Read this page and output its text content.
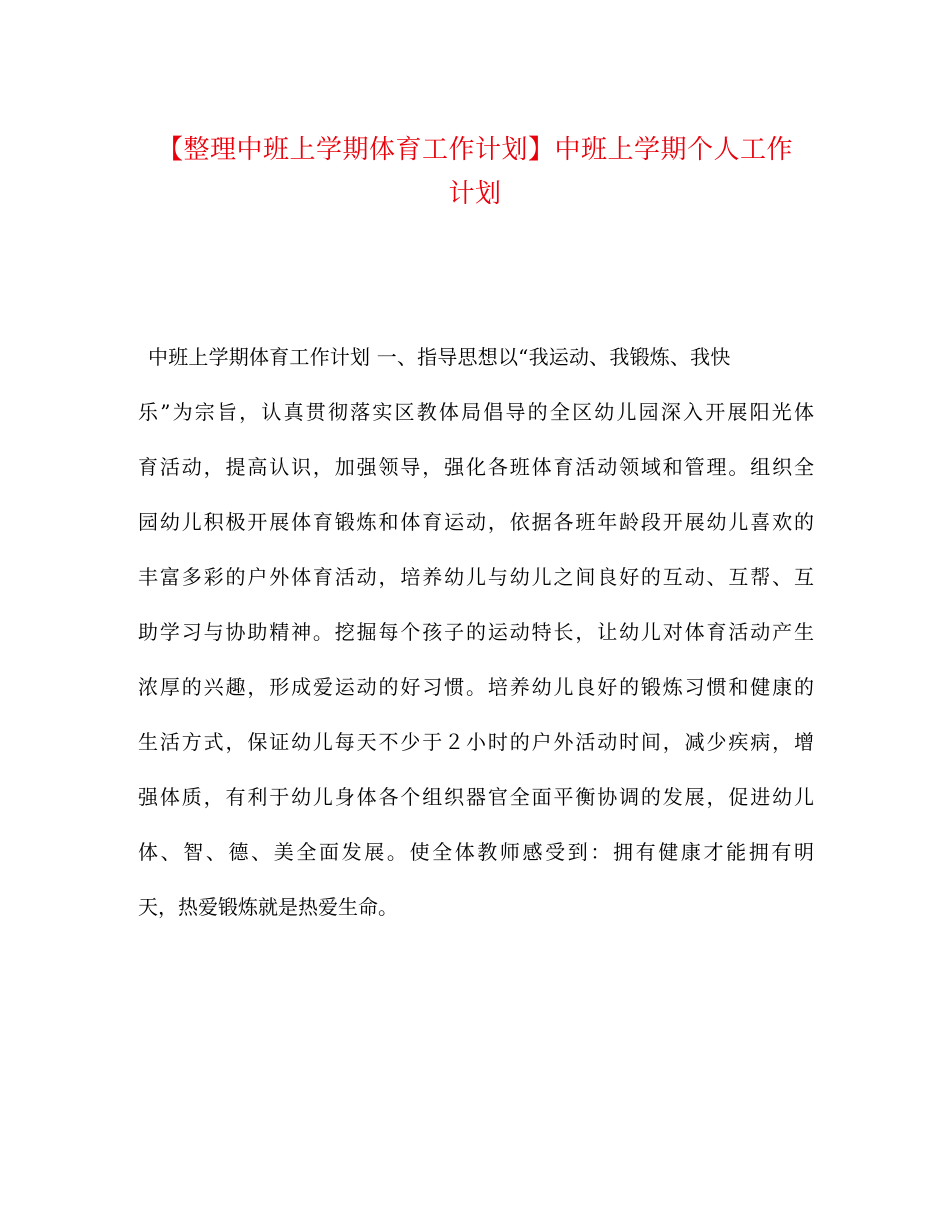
【整理中班上学期体育工作计划】中班上学期个人工作
计划
中班上学期体育工作计划 一、指导思想以“我运动、我锻炼、我快
乐”为宗旨，认真贯彻落实区教体局倡导的全区幼儿园深入开展阳光体
育活动，提高认识，加强领导，强化各班体育活动领域和管理。组织全
园幼儿积极开展体育锻炼和体育运动，依据各班年龄段开展幼儿喜欢的
丰富多彩的户外体育活动，培养幼儿与幼儿之间良好的互动、互帮、互
助学习与协助精神。挖掘每个孩子的运动特长，让幼儿对体育活动产生
浓厚的兴趣，形成爱运动的好习惯。培养幼儿良好的锻炼习惯和健康的
生活方式，保证幼儿每天不少于２小时的户外活动时间，减少疾病，增
强体质，有利于幼儿身体各个组织器官全面平衡协调的发展，促进幼儿
体、智、德、美全面发展。使全体教师感受到：拥有健康才能拥有明
天，热爱锻炼就是热爱生命。
